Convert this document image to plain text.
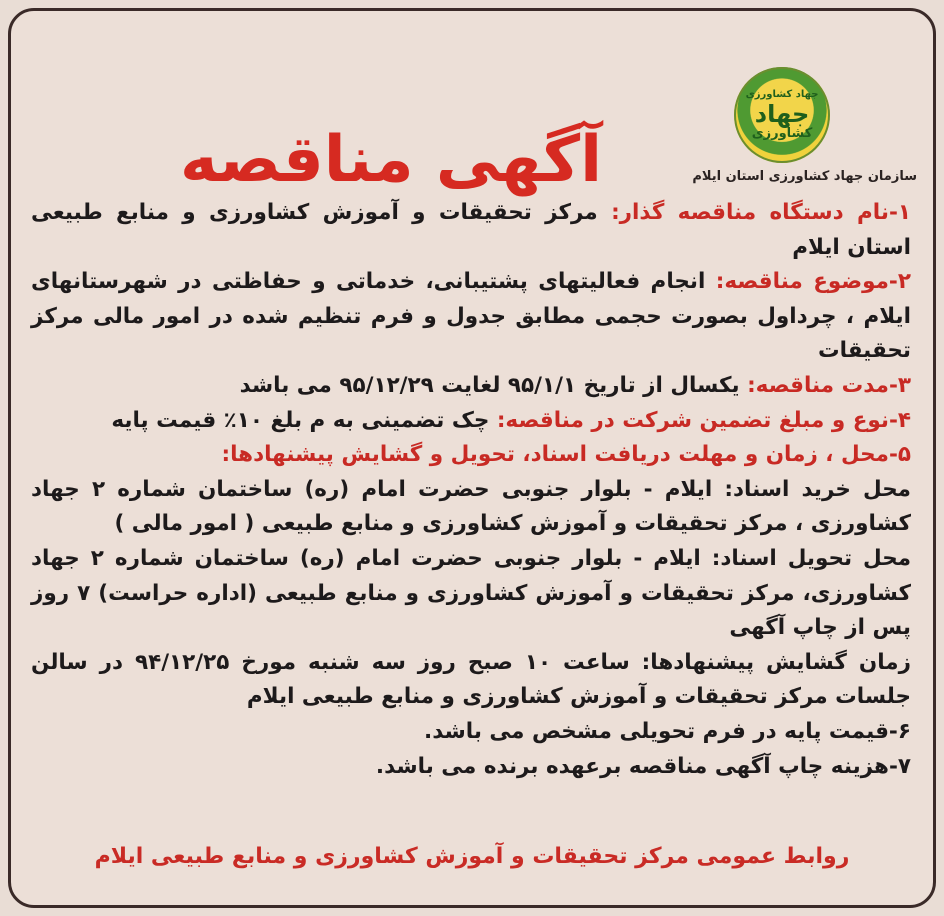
جهاد کشاورزی
جهاد
کشاورزی
آگهی مناقصه	سازمان جهاد کشاورزی استان ایلام

۱-نام دستگاه مناقصه گذار: مرکز تحقیقات و آموزش کشاورزی و منابع طبیعی استان ایلام

۲-موضوع مناقصه: انجام فعالیتهای پشتیبانی، خدماتی و حفاظتی در شهرستانهای ایلام ، چرداول بصورت حجمی مطابق جدول و فرم تنظیم شده در امور مالی مرکز تحقیقات

۳-مدت مناقصه: یکسال از تاریخ ۹۵/۱/۱ لغایت ۹۵/۱۲/۲۹ می باشد

۴-نوع و مبلغ تضمین شرکت در مناقصه: چک تضمینی به م بلغ ۱۰٪ قیمت پایه

۵-محل ، زمان و مهلت دریافت اسناد، تحویل و گشایش پیشنهادها:

محل خرید اسناد: ایلام - بلوار جنوبی حضرت امام (ره) ساختمان شماره ۲ جهاد کشاورزی ، مرکز تحقیقات و آموزش کشاورزی و منابع طبیعی ( امور مالی )

محل تحویل اسناد: ایلام - بلوار جنوبی حضرت امام (ره) ساختمان شماره ۲ جهاد کشاورزی، مرکز تحقیقات و آموزش کشاورزی و منابع طبیعی (اداره حراست) ۷ روز پس از چاپ آگهی

زمان گشایش پیشنهادها: ساعت ۱۰ صبح روز سه شنبه مورخ ۹۴/۱۲/۲۵ در سالن جلسات مرکز تحقیقات و آموزش کشاورزی و منابع طبیعی ایلام

۶-قیمت پایه در فرم تحویلی مشخص می باشد.

۷-هزینه چاپ آگهی مناقصه برعهده برنده می باشد.

روابط عمومی مرکز تحقیقات و آموزش کشاورزی و منابع طبیعی ایلام
